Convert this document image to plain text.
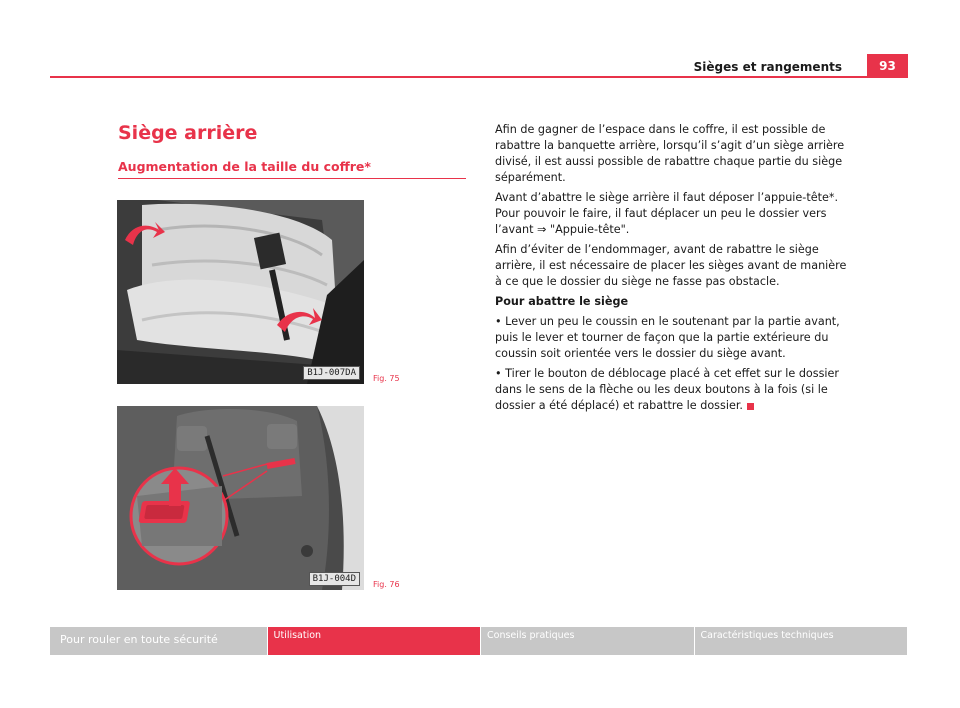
Sièges et rangements	93
Siège arrière
Augmentation de la taille du coffre*
B1J-007DA
Fig. 75
B1J-004D
Fig. 76

Afin de gagner de l’espace dans le coffre, il est possible de rabattre la banquette arrière, lorsqu’il s’agit d’un siège arrière divisé, il est aussi possible de rabattre chaque partie du siège séparément.

Avant d’abattre le siège arrière il faut déposer l’appuie-tête*. Pour pouvoir le faire, il faut déplacer un peu le dossier vers l’avant ⇒ "Appuie-tête".

Afin d’éviter de l’endommager, avant de rabattre le siège arrière, il est nécessaire de placer les sièges avant de manière à ce que le dossier du siège ne fasse pas obstacle.

Pour abattre le siège

• Lever un peu le coussin en le soutenant par la partie avant, puis le lever et tourner de façon que la partie extérieure du coussin soit orientée vers le dossier du siège avant.

• Tirer le bouton de déblocage placé à cet effet sur le dossier dans le sens de la flèche ou les deux boutons à la fois (si le dossier a été déplacé) et rabattre le dossier.

Pour rouler en toute sécurité	Utilisation	Conseils pratiques	Caractéristiques techniques
